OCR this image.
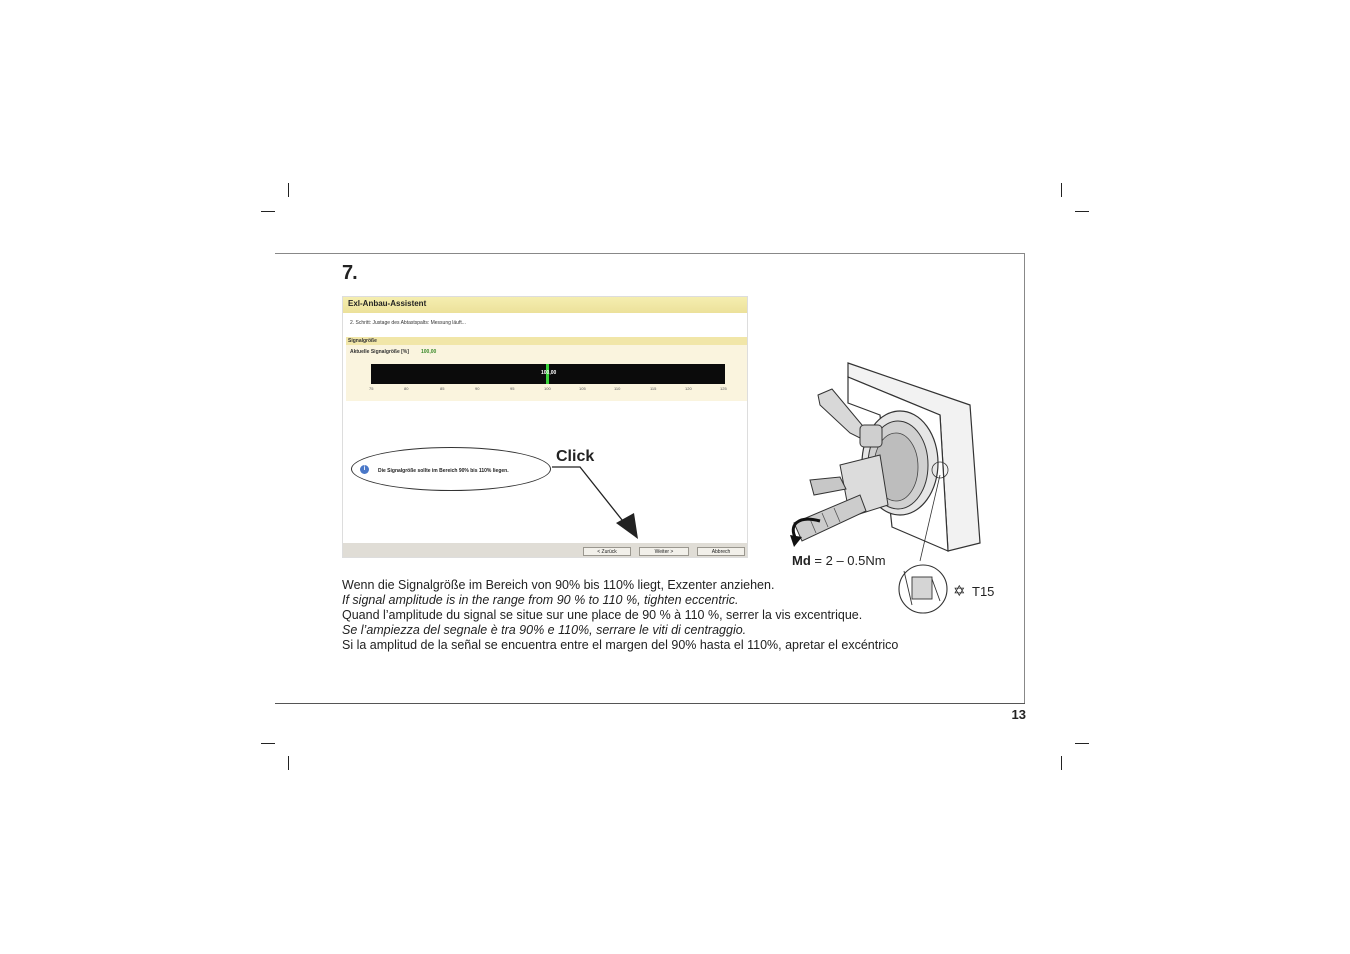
7.
13
Exl-Anbau-Assistent
2. Schritt: Justage des Abtastspalts: Messung läuft...
Signalgröße
Aktuelle Signalgröße [%] 100,00
100,00
75	80	85	90	95	100	105	110	115	120	125
i	Die Signalgröße sollte im Bereich 90% bis 110% liegen.
< Zurück	Weiter >	Abbrech
Click
Md = 2 – 0.5Nm
✡ T15
Wenn die Signalgröße im Bereich von 90% bis 110% liegt, Exzenter anziehen.
If signal amplitude is in the range from 90 % to 110 %, tighten eccentric.
Quand l’amplitude du signal se situe sur une place de 90 % à 110 %, serrer la vis excentrique.
Se l’ampiezza del segnale è tra 90% e 110%, serrare le viti di centraggio.
Si la amplitud de la señal se encuentra entre el margen del 90% hasta el 110%, apretar el excéntrico
